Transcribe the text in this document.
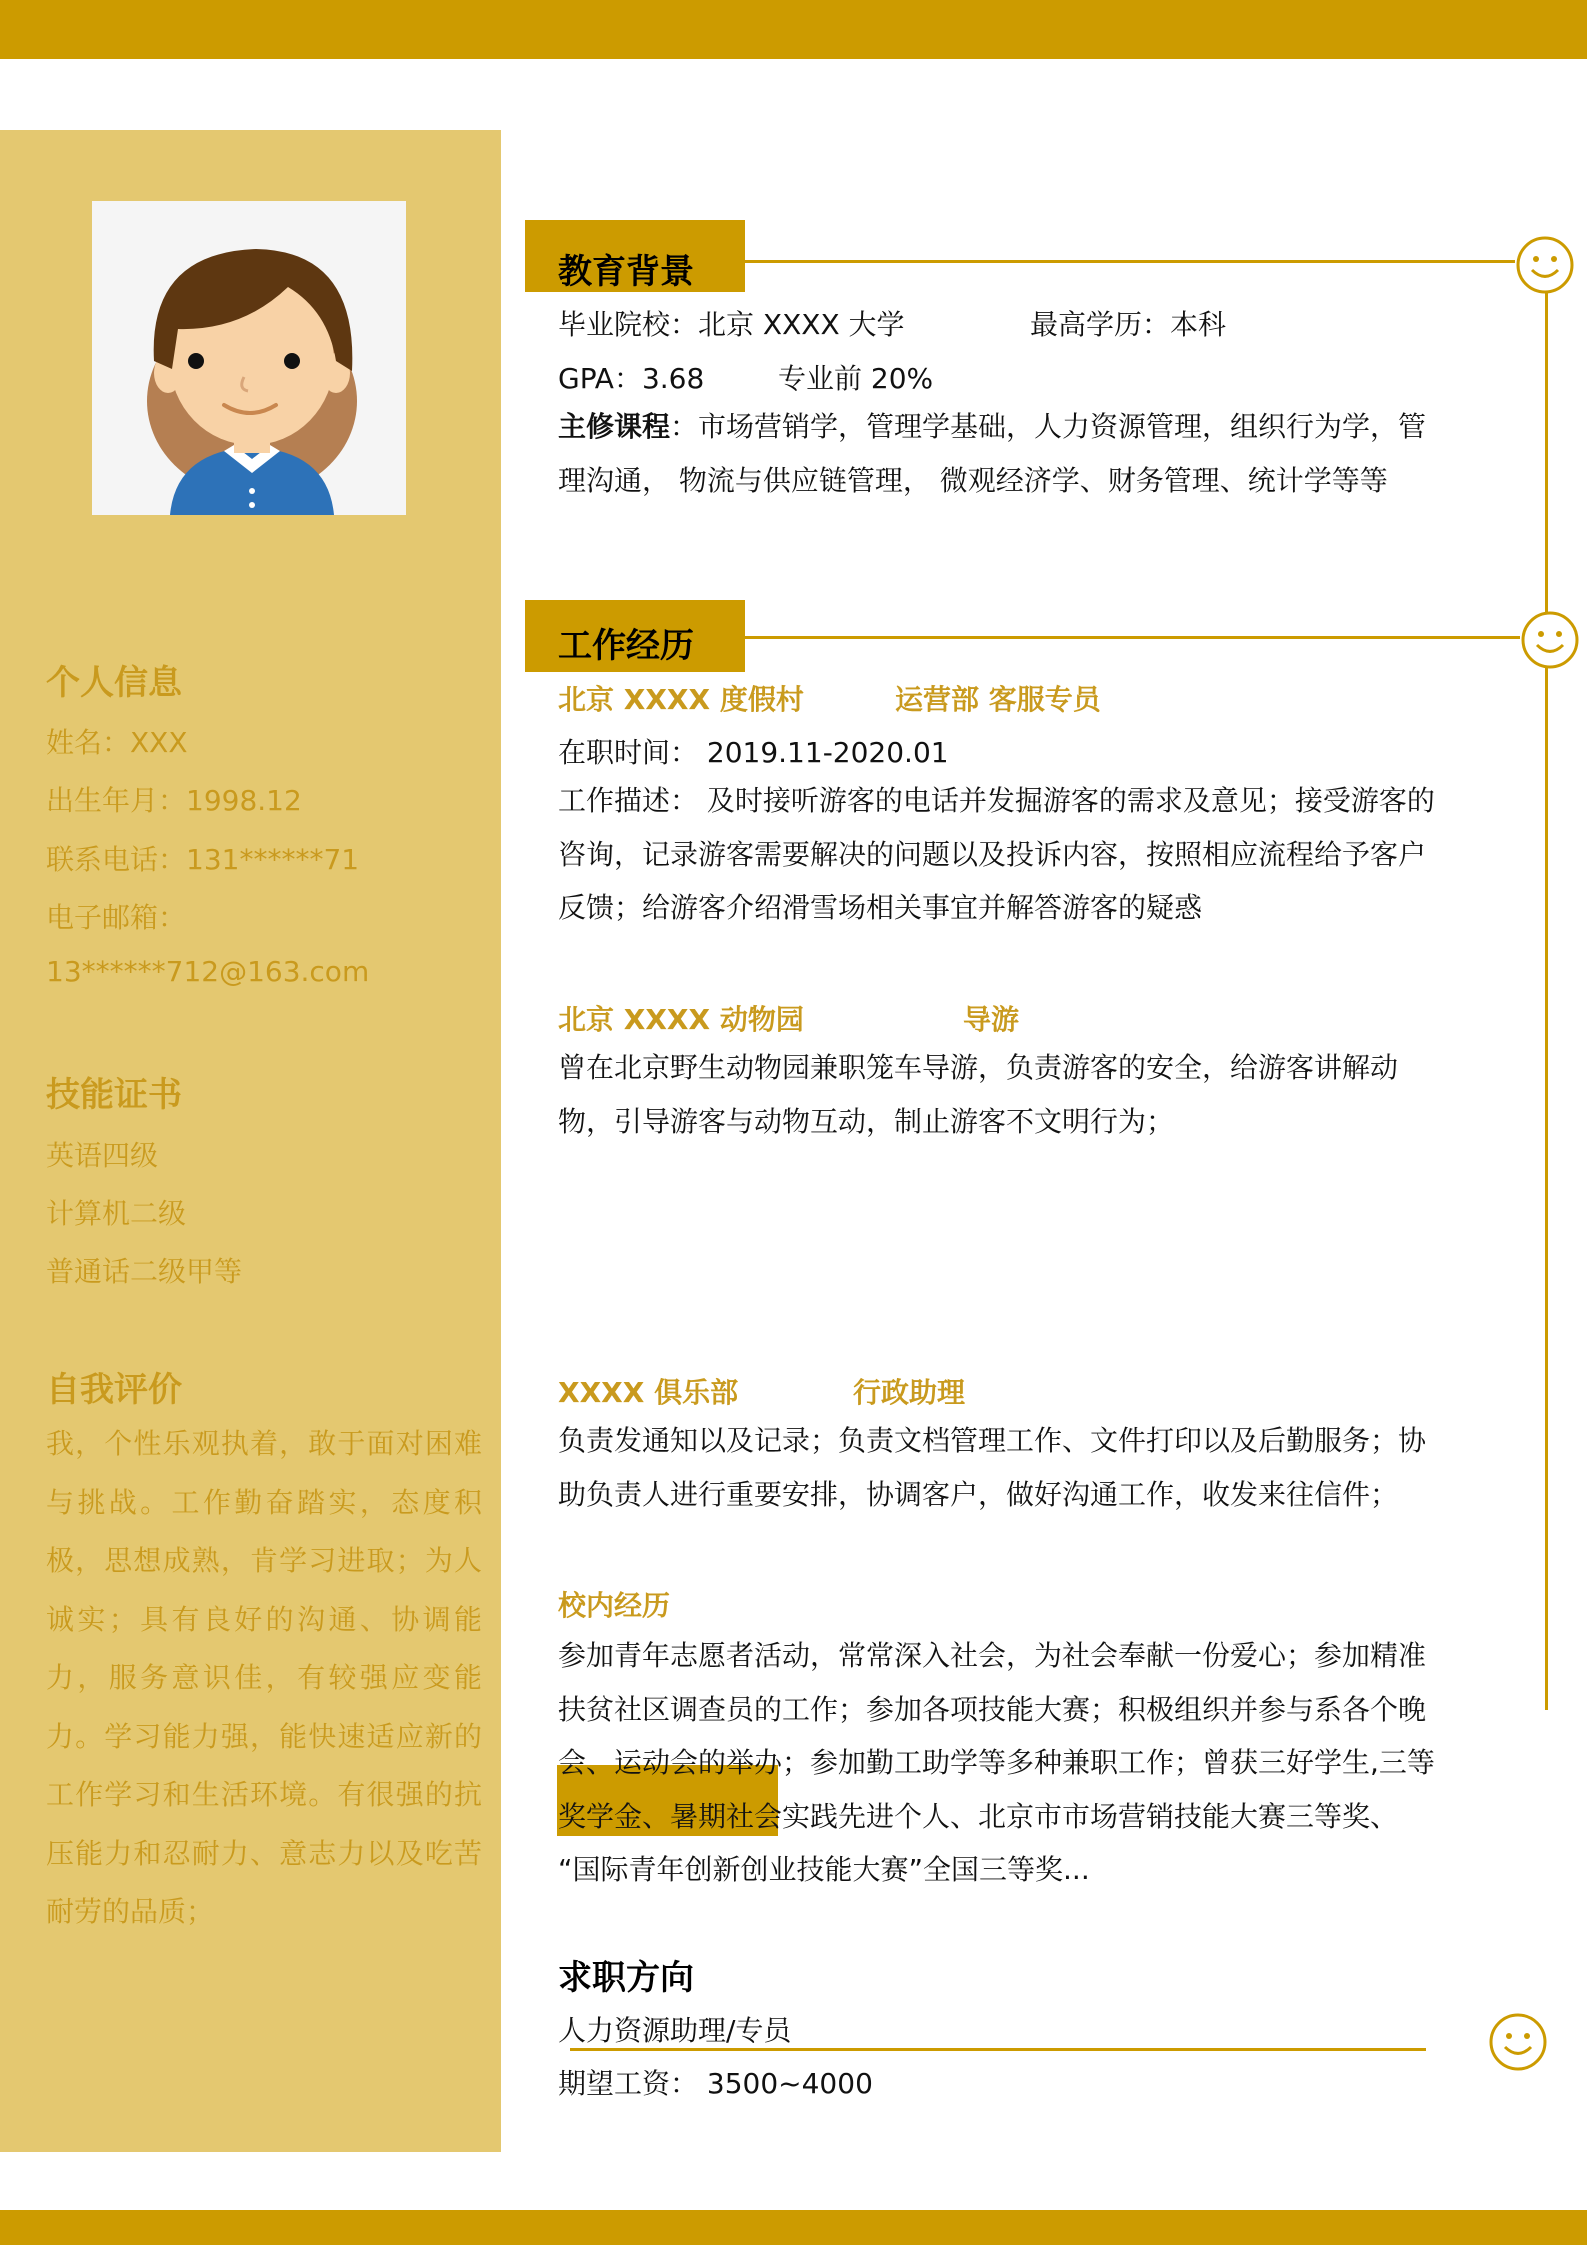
个人信息
姓名：XXX
出生年月：1998.12
联系电话：131******71
电子邮箱：
13******712@163.com
技能证书
英语四级
计算机二级
普通话二级甲等
自我评价

我，个性乐观执着，敢于面对困难与挑战。工作勤奋踏实，态度积极，思想成熟，肯学习进取；为人诚实；具有良好的沟通、协调能力，服务意识佳，有较强应变能力。学习能力强，能快速适应新的工作学习和生活环境。有很强的抗压能力和忍耐力、意志力以及吃苦耐劳的品质；

教育背景
毕业院校：北京 XXXX 大学	最高学历：本科
GPA：3.68	专业前 20%

主修课程：市场营销学，管理学基础，人力资源管理，组织行为学，管理沟通， 物流与供应链管理， 微观经济学、财务管理、统计学等等

工作经历
北京 XXXX 度假村	运营部 客服专员
在职时间： 2019.11-2020.01

工作描述： 及时接听游客的电话并发掘游客的需求及意见；接受游客的咨询，记录游客需要解决的问题以及投诉内容，按照相应流程给予客户反馈；给游客介绍滑雪场相关事宜并解答游客的疑惑

北京 XXXX 动物园	导游

曾在北京野生动物园兼职笼车导游，负责游客的安全，给游客讲解动物，引导游客与动物互动，制止游客不文明行为；

XXXX 俱乐部	行政助理

负责发通知以及记录；负责文档管理工作、文件打印以及后勤服务；协助负责人进行重要安排，协调客户，做好沟通工作，收发来往信件；

校内经历

参加青年志愿者活动，常常深入社会，为社会奉献一份爱心；参加精准扶贫社区调查员的工作；参加各项技能大赛；积极组织并参与系各个晚会、运动会的举办；参加勤工助学等多种兼职工作；曾获三好学生,三等奖学金、暑期社会实践先进个人、北京市市场营销技能大赛三等奖、 “国际青年创新创业技能大赛”全国三等奖...

求职方向
人力资源助理/专员
期望工资： 3500~4000
